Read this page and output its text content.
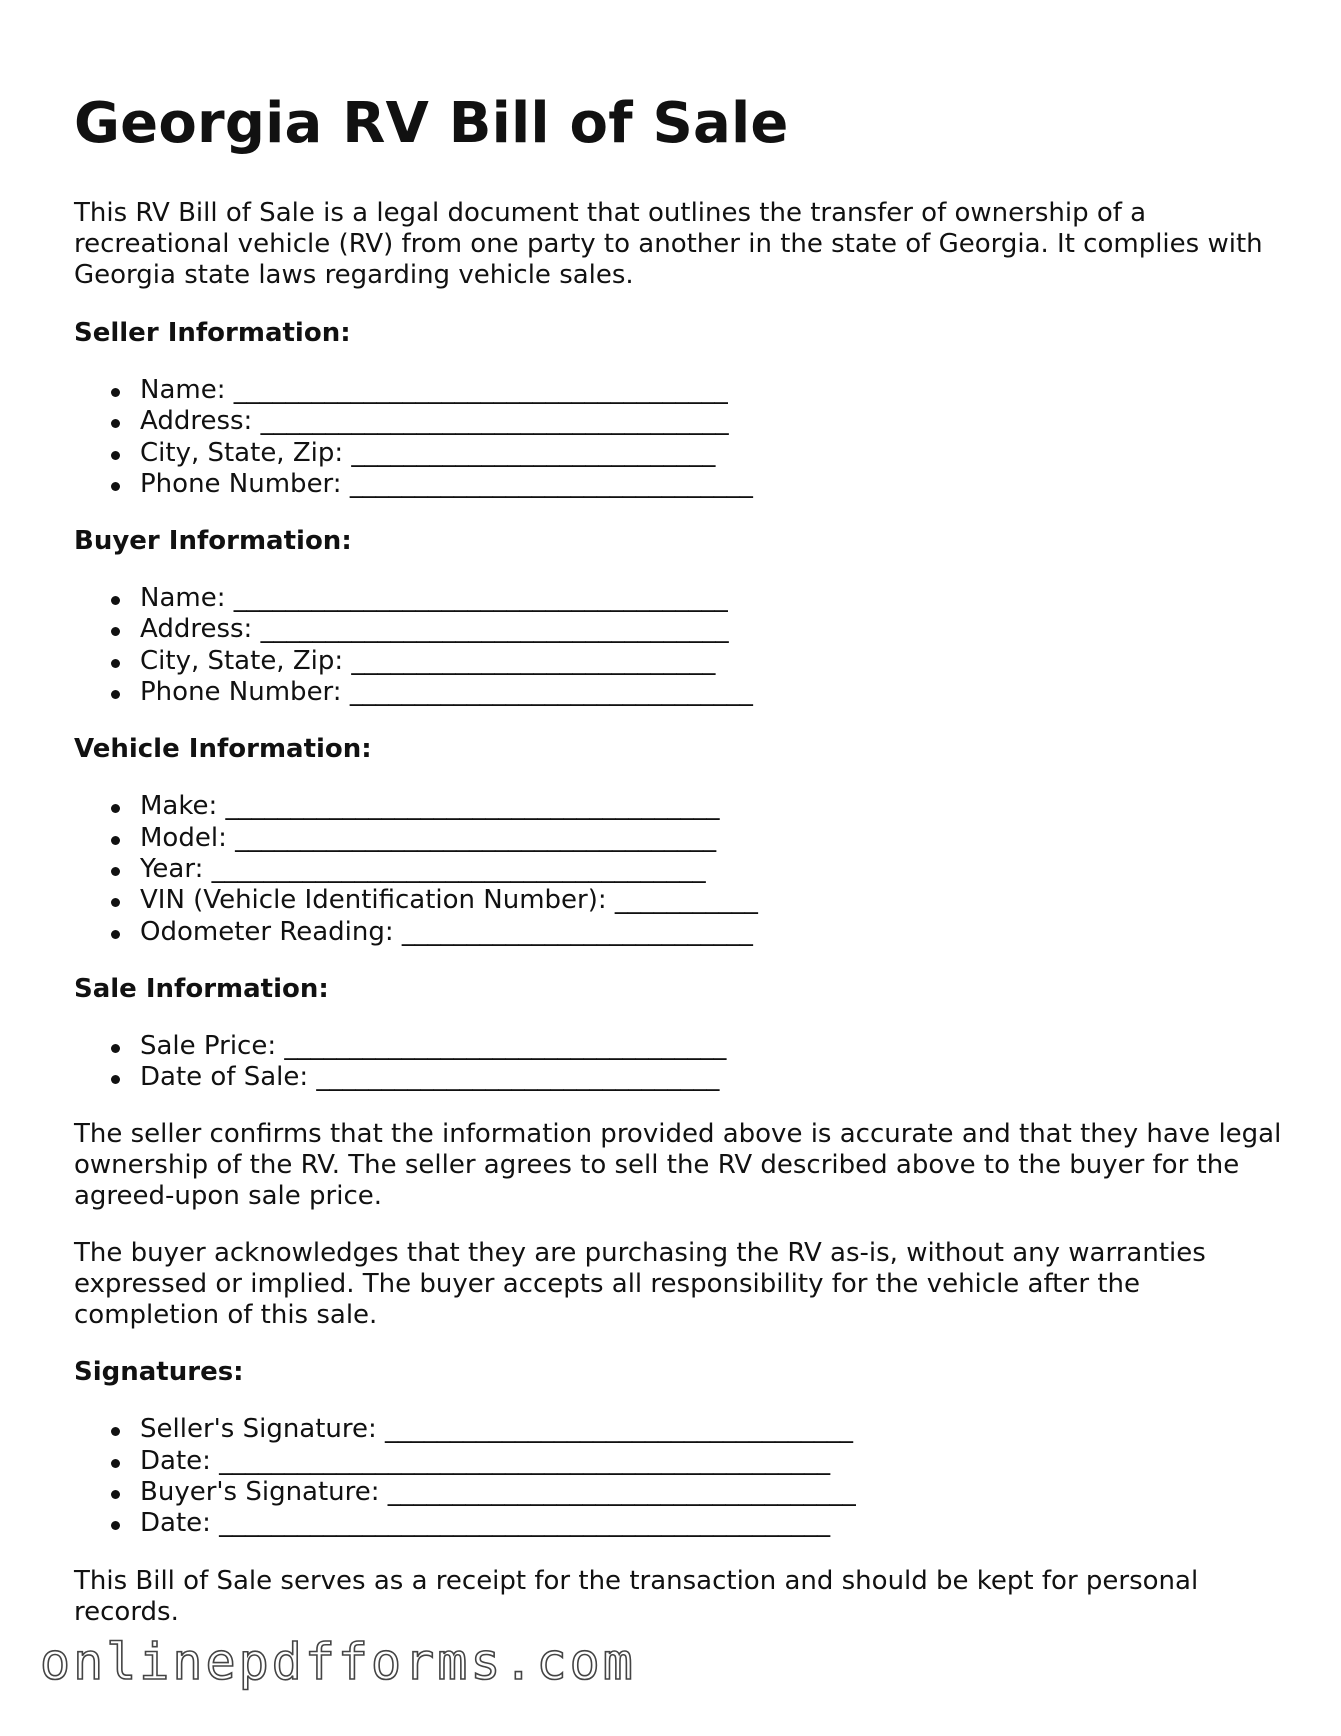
Georgia RV Bill of Sale

This RV Bill of Sale is a legal document that outlines the transfer of ownership of a recreational vehicle (RV) from one party to another in the state of Georgia. It complies with Georgia state laws regarding vehicle sales.

Seller Information:
Name: ______________________________________
Address: ____________________________________
City, State, Zip: ____________________________
Phone Number: _______________________________
Buyer Information:
Name: ______________________________________
Address: ____________________________________
City, State, Zip: ____________________________
Phone Number: _______________________________
Vehicle Information:
Make: ______________________________________
Model: _____________________________________
Year: ______________________________________
VIN (Vehicle Identification Number): ___________
Odometer Reading: ___________________________
Sale Information:
Sale Price: __________________________________
Date of Sale: _______________________________

The seller confirms that the information provided above is accurate and that they have legal ownership of the RV. The seller agrees to sell the RV described above to the buyer for the agreed-upon sale price.

The buyer acknowledges that they are purchasing the RV as-is, without any warranties expressed or implied. The buyer accepts all responsibility for the vehicle after the completion of this sale.

Signatures:
Seller's Signature: ____________________________________
Date: _______________________________________________
Buyer's Signature: ____________________________________
Date: _______________________________________________

This Bill of Sale serves as a receipt for the transaction and should be kept for personal records.

onlinepdfforms.com
